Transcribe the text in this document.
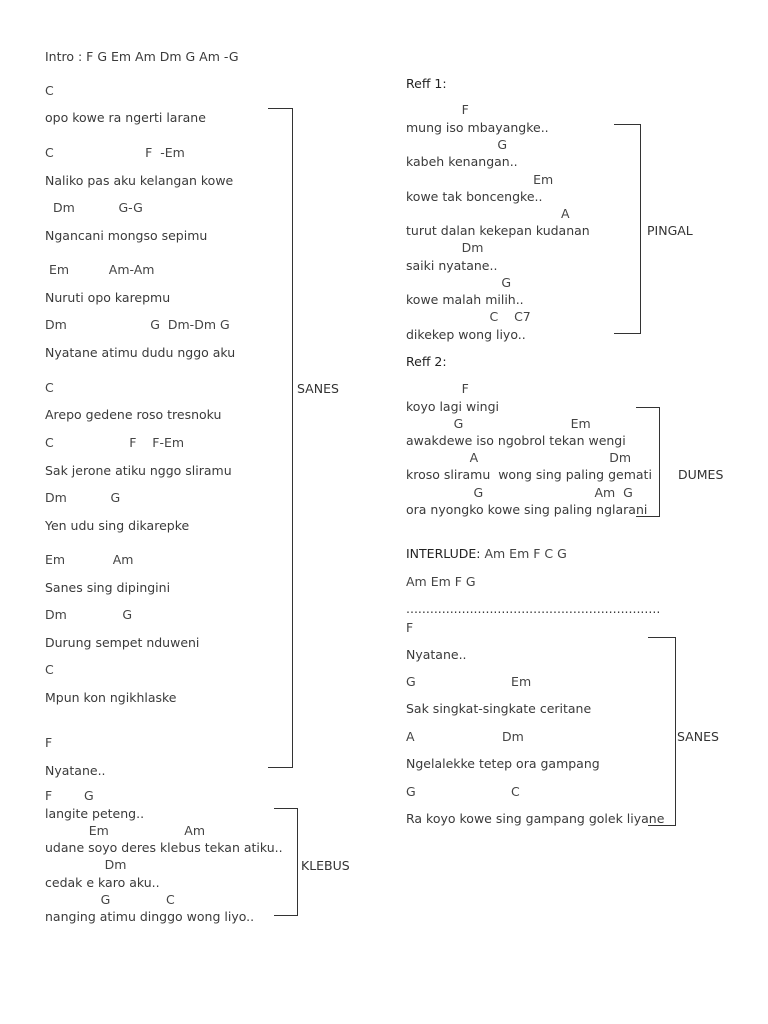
Intro : F G Em Am Dm G Am -G
C
opo kowe ra ngerti larane
C                       F  -Em
Naliko pas aku kelangan kowe
Dm           G-G
Ngancani mongso sepimu
Em          Am-Am
Nuruti opo karepmu
Dm                     G  Dm-Dm G
Nyatane atimu dudu nggo aku
C
Arepo gedene roso tresnoku
C                   F    F-Em
Sak jerone atiku nggo sliramu
Dm           G
Yen udu sing dikarepke
Em            Am
Sanes sing dipingini
Dm              G
Durung sempet nduweni
C
Mpun kon ngikhlaske
F
Nyatane..
SANES
F        G
langite peteng..
Em                   Am
udane soyo deres klebus tekan atiku..
Dm
cedak e karo aku..
G              C
nanging atimu dinggo wong liyo..
KLEBUS
Reff 1:
F
mung iso mbayangke..
G
kabeh kenangan..
Em
kowe tak boncengke..
A
turut dalan kekepan kudanan
Dm
saiki nyatane..
G
kowe malah milih..
C    C7
dikekep wong liyo..
PINGAL
Reff 2:
F
koyo lagi wingi
G                           Em
awakdewe iso ngobrol tekan wengi
A                                 Dm
kroso sliramu  wong sing paling gemati
G                            Am  G
ora nyongko kowe sing paling nglarani
DUMES
INTERLUDE: Am Em F C G
Am Em F G
................................................................
F
Nyatane..
G                        Em
Sak singkat-singkate ceritane
A                      Dm
Ngelalekke tetep ora gampang
G                        C
Ra koyo kowe sing gampang golek liyane
SANES
